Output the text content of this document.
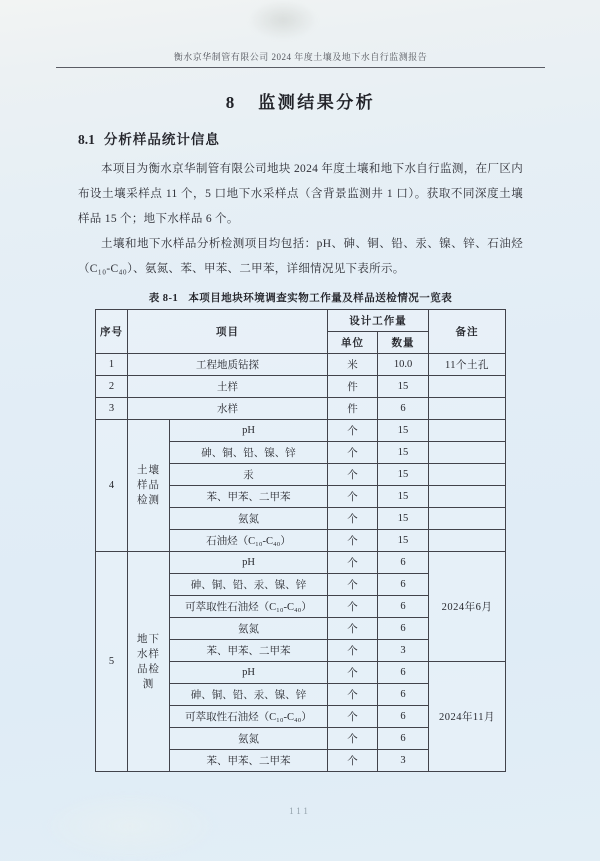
衡水京华制管有限公司 2024 年度土壤及地下水自行监测报告
8 监测结果分析
8.1 分析样品统计信息

本项目为衡水京华制管有限公司地块 2024 年度土壤和地下水自行监测，在厂区内布设土壤采样点 11 个，5 口地下水采样点（含背景监测井 1 口）。获取不同深度土壤样品 15 个；地下水样品 6 个。

土壤和地下水样品分析检测项目均包括：pH、砷、铜、铅、汞、镍、锌、石油烃（C₁₀-C₄₀）、氨氮、苯、甲苯、二甲苯，详细情况见下表所示。

表 8-1 本项目地块环境调查实物工作量及样品送检情况一览表
序号	项目		设计工作量		备注
			单位	数量	
1	工程地质钻探		米	10.0	11个土孔
2	土样		件	15	
3	水样		件	6	
4	土壤样品检测	pH	个	15	
		砷、铜、铅、镍、锌	个	15	
		汞	个	15	
		苯、甲苯、二甲苯	个	15	
		氨氮	个	15	
		石油烃（C₁₀-C₄₀）	个	15	
5	地下水样品检测	pH	个	6	2024年6月
		砷、铜、铅、汞、镍、锌	个	6	
		可萃取性石油烃（C₁₀-C₄₀）	个	6	
		氨氮	个	6	
		苯、甲苯、二甲苯	个	3	
		pH	个	6	2024年11月
		砷、铜、铅、汞、镍、锌	个	6	
		可萃取性石油烃（C₁₀-C₄₀）	个	6	
		氨氮	个	6	
		苯、甲苯、二甲苯	个	3	
111
